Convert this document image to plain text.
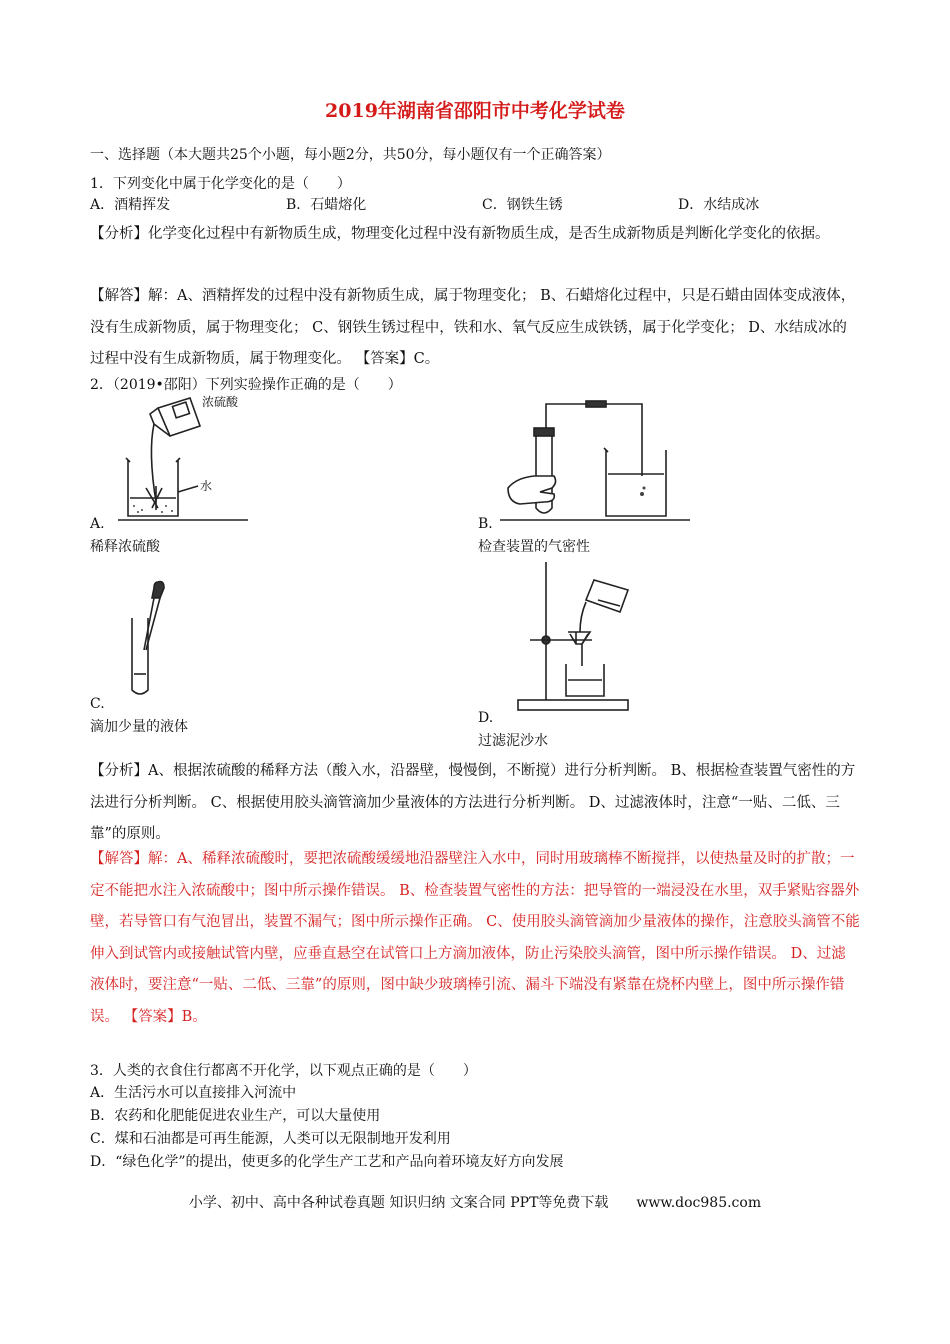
2019年湖南省邵阳市中考化学试卷
一、选择题（本大题共25个小题，每小题2分，共50分，每小题仅有一个正确答案）
1．下列变化中属于化学变化的是（　　）
A．酒精挥发	B．石蜡熔化	C．钢铁生锈	D．水结成冰
【分析】化学变化过程中有新物质生成，物理变化过程中没有新物质生成，是否生成新物质是判断化学变化的依据。
【解答】解：A、酒精挥发的过程中没有新物质生成，属于物理变化； B、石蜡熔化过程中，只是石蜡由固体变成液体，没有生成新物质，属于物理变化； C、钢铁生锈过程中，铁和水、氧气反应生成铁锈，属于化学变化； D、水结成冰的过程中没有生成新物质，属于物理变化。 【答案】C。
2．（2019•邵阳）下列实验操作正确的是（　　）
浓硫酸
水
A.
稀释浓硫酸
B.
检查装置的气密性
C.
滴加少量的液体
D.
过滤泥沙水
【分析】A、根据浓硫酸的稀释方法（酸入水，沿器壁，慢慢倒，不断搅）进行分析判断。 B、根据检查装置气密性的方法进行分析判断。 C、根据使用胶头滴管滴加少量液体的方法进行分析判断。 D、过滤液体时，注意“一贴、二低、三靠”的原则。
【解答】解：A、稀释浓硫酸时，要把浓硫酸缓缓地沿器壁注入水中，同时用玻璃棒不断搅拌，以使热量及时的扩散；一定不能把水注入浓硫酸中；图中所示操作错误。 B、检查装置气密性的方法：把导管的一端浸没在水里，双手紧贴容器外壁，若导管口有气泡冒出，装置不漏气；图中所示操作正确。 C、使用胶头滴管滴加少量液体的操作，注意胶头滴管不能伸入到试管内或接触试管内壁，应垂直悬空在试管口上方滴加液体，防止污染胶头滴管，图中所示操作错误。 D、过滤液体时，要注意“一贴、二低、三靠”的原则，图中缺少玻璃棒引流、漏斗下端没有紧靠在烧杯内壁上，图中所示操作错误。 【答案】B。
3．人类的衣食住行都离不开化学，以下观点正确的是（　　）
A．生活污水可以直接排入河流中
B．农药和化肥能促进农业生产，可以大量使用
C．煤和石油都是可再生能源，人类可以无限制地开发利用
D．“绿色化学”的提出，使更多的化学生产工艺和产品向着环境友好方向发展
小学、初中、高中各种试卷真题 知识归纳 文案合同 PPT等免费下载　　www.doc985.com
